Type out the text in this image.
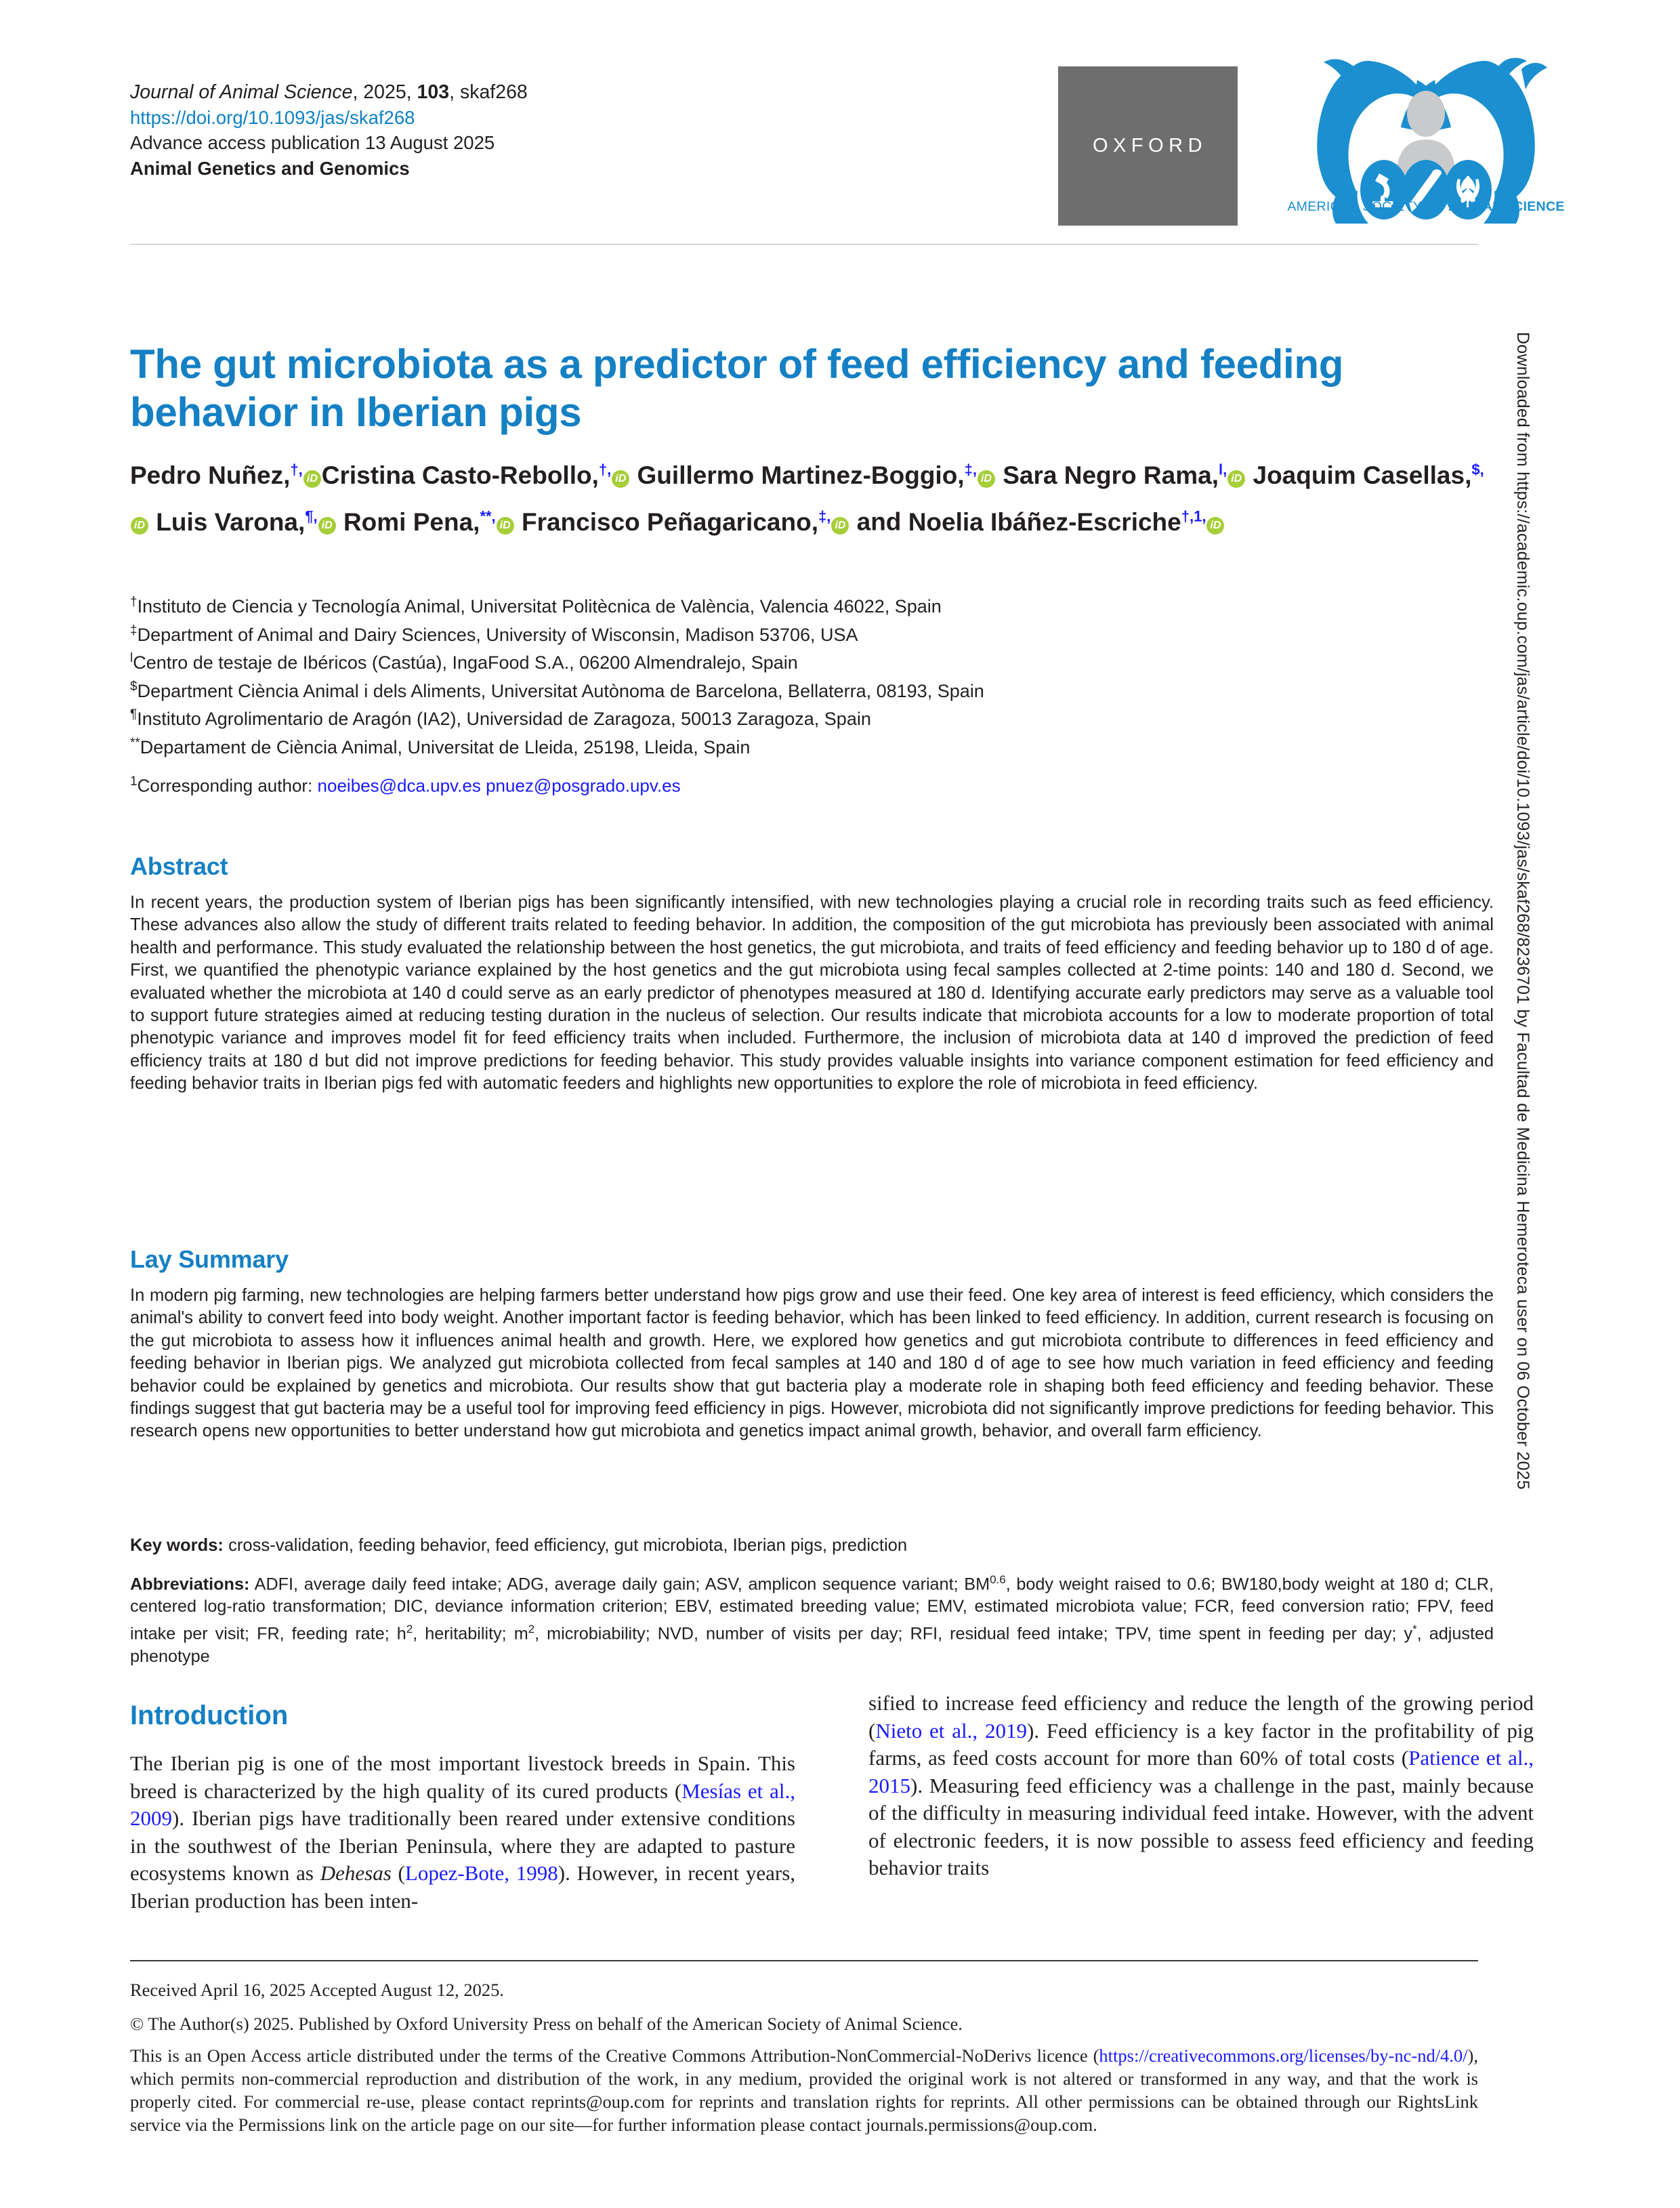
Downloaded from https://academic.oup.com/jas/article/doi/10.1093/jas/skaf268/8236701 by Facultad de Medicina Hemeroteca user on 06 October 2025
Journal of Animal Science, 2025, 103, skaf268
https://doi.org/10.1093/jas/skaf268
Advance access publication 13 August 2025
Animal Genetics and Genomics
OXFORD
AMERICAN SOCIETY OF ANIMAL SCIENCE
The gut microbiota as a predictor of feed efficiency and feeding behavior in Iberian pigs
Pedro Nuñez,†,iD Cristina Casto-Rebollo,†,iD Guillermo Martinez-Boggio,‡,iD Sara Negro Rama,$^{l,}$iD Joaquim Casellas,$,iD Luis Varona,¶,iD Romi Pena,**,iD Francisco Peñagaricano,‡,iD and Noelia Ibáñez-Escriche$^{\dagger,1,}$iD
†Instituto de Ciencia y Tecnología Animal, Universitat Politècnica de València, Valencia 46022, Spain
‡Department of Animal and Dairy Sciences, University of Wisconsin, Madison 53706, USA
$^l$Centro de testaje de Ibéricos (Castúa), IngaFood S.A., 06200 Almendralejo, Spain
$Department Ciència Animal i dels Aliments, Universitat Autònoma de Barcelona, Bellaterra, 08193, Spain
¶Instituto Agrolimentario de Aragón (IA2), Universidad de Zaragoza, 50013 Zaragoza, Spain
**Departament de Ciència Animal, Universitat de Lleida, 25198, Lleida, Spain
$^1$Corresponding author: noeibes@dca.upv.es pnuez@posgrado.upv.es
Abstract
In recent years, the production system of Iberian pigs has been significantly intensified, with new technologies playing a crucial role in recording traits such as feed efficiency. These advances also allow the study of different traits related to feeding behavior. In addition, the composition of the gut microbiota has previously been associated with animal health and performance. This study evaluated the relationship between the host genetics, the gut microbiota, and traits of feed efficiency and feeding behavior up to 180 d of age. First, we quantified the phenotypic variance explained by the host genetics and the gut microbiota using fecal samples collected at 2-time points: 140 and 180 d. Second, we evaluated whether the microbiota at 140 d could serve as an early predictor of phenotypes measured at 180 d. Identifying accurate early predictors may serve as a valuable tool to support future strategies aimed at reducing testing duration in the nucleus of selection. Our results indicate that microbiota accounts for a low to moderate proportion of total phenotypic variance and improves model fit for feed efficiency traits when included. Furthermore, the inclusion of microbiota data at 140 d improved the prediction of feed efficiency traits at 180 d but did not improve predictions for feeding behavior. This study provides valuable insights into variance component estimation for feed efficiency and feeding behavior traits in Iberian pigs fed with automatic feeders and highlights new opportunities to explore the role of microbiota in feed efficiency.
Lay Summary
In modern pig farming, new technologies are helping farmers better understand how pigs grow and use their feed. One key area of interest is feed efficiency, which considers the animal's ability to convert feed into body weight. Another important factor is feeding behavior, which has been linked to feed efficiency. In addition, current research is focusing on the gut microbiota to assess how it influences animal health and growth. Here, we explored how genetics and gut microbiota contribute to differences in feed efficiency and feeding behavior in Iberian pigs. We analyzed gut microbiota collected from fecal samples at 140 and 180 d of age to see how much variation in feed efficiency and feeding behavior could be explained by genetics and microbiota. Our results show that gut bacteria play a moderate role in shaping both feed efficiency and feeding behavior. These findings suggest that gut bacteria may be a useful tool for improving feed efficiency in pigs. However, microbiota did not significantly improve predictions for feeding behavior. This research opens new opportunities to better understand how gut microbiota and genetics impact animal growth, behavior, and overall farm efficiency.
Key words: cross-validation, feeding behavior, feed efficiency, gut microbiota, Iberian pigs, prediction
Abbreviations: ADFI, average daily feed intake; ADG, average daily gain; ASV, amplicon sequence variant; $BM^{0.6}$, body weight raised to 0.6; BW180,body weight at 180 d; CLR, centered log-ratio transformation; DIC, deviance information criterion; EBV, estimated breeding value; EMV, estimated microbiota value; FCR, feed conversion ratio; FPV, feed intake per visit; FR, feeding rate; $h^2$, heritability; $m^2$, microbiability; NVD, number of visits per day; RFI, residual feed intake; TPV, time spent in feeding per day; y*, adjusted phenotype
Introduction
The Iberian pig is one of the most important livestock breeds in Spain. This breed is characterized by the high quality of its cured products (Mesías et al., 2009). Iberian pigs have traditionally been reared under extensive conditions in the southwest of the Iberian Peninsula, where they are adapted to pasture ecosystems known as Dehesas (Lopez-Bote, 1998). However, in recent years, Iberian production has been inten-
sified to increase feed efficiency and reduce the length of the growing period (Nieto et al., 2019). Feed efficiency is a key factor in the profitability of pig farms, as feed costs account for more than 60% of total costs (Patience et al., 2015). Measuring feed efficiency was a challenge in the past, mainly because of the difficulty in measuring individual feed intake. However, with the advent of electronic feeders, it is now possible to assess feed efficiency and feeding behavior traits

Received April 16, 2025 Accepted August 12, 2025.

© The Author(s) 2025. Published by Oxford University Press on behalf of the American Society of Animal Science.

This is an Open Access article distributed under the terms of the Creative Commons Attribution-NonCommercial-NoDerivs licence (https://creativecommons.org/licenses/by-nc-nd/4.0/), which permits non-commercial reproduction and distribution of the work, in any medium, provided the original work is not altered or transformed in any way, and that the work is properly cited. For commercial re-use, please contact reprints@oup.com for reprints and translation rights for reprints. All other permissions can be obtained through our RightsLink service via the Permissions link on the article page on our site—for further information please contact journals.permissions@oup.com.
